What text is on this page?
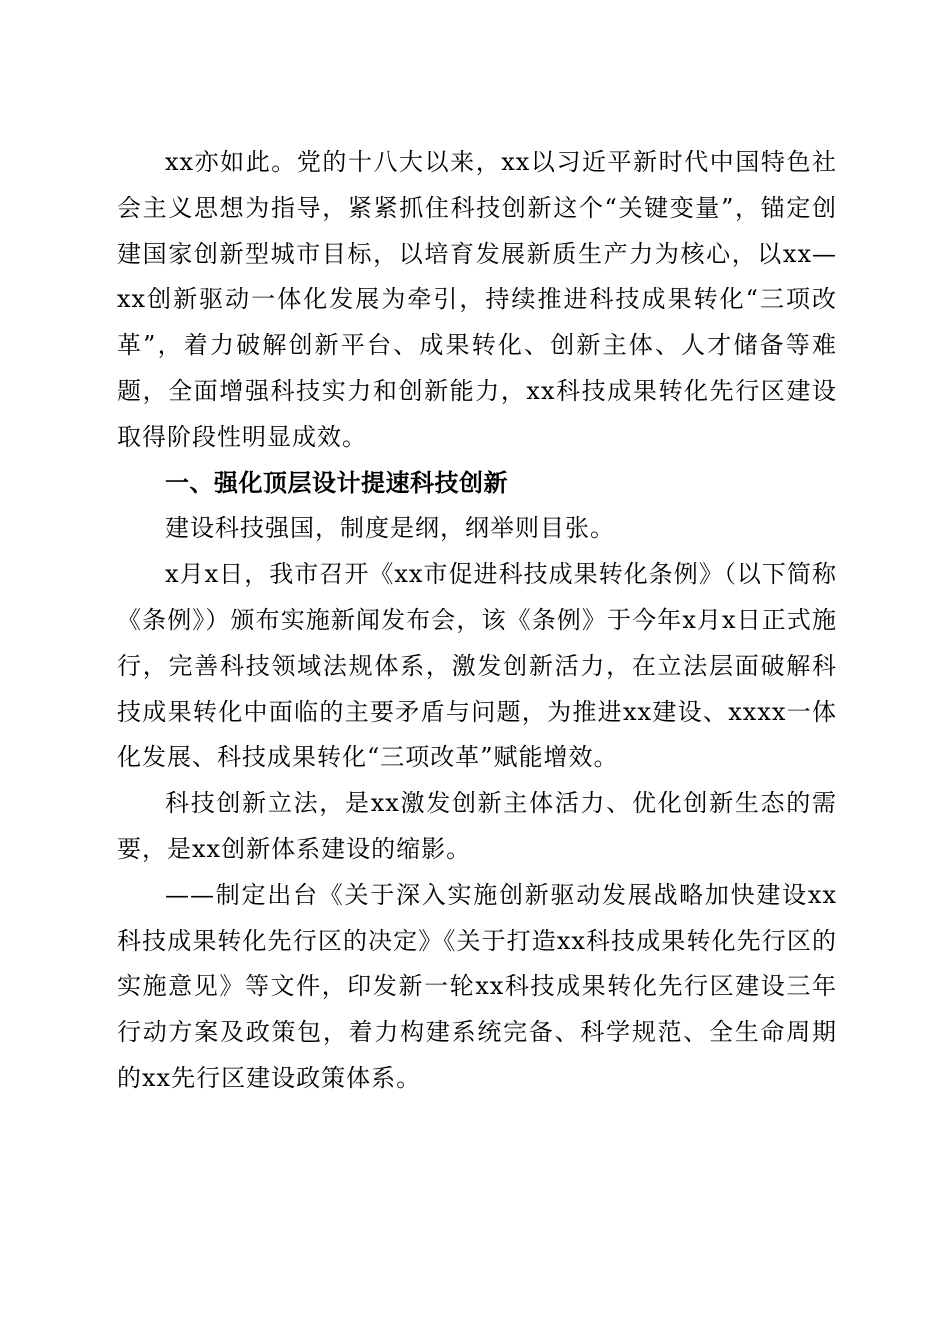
xx亦如此。党的十八大以来，xx以习近平新时代中国特色社会主义思想为指导，紧紧抓住科技创新这个“关键变量”，锚定创建国家创新型城市目标，以培育发展新质生产力为核心，以xx—xx创新驱动一体化发展为牵引，持续推进科技成果转化“三项改革”，着力破解创新平台、成果转化、创新主体、人才储备等难题，全面增强科技实力和创新能力，xx科技成果转化先行区建设取得阶段性明显成效。

一、强化顶层设计提速科技创新

建设科技强国，制度是纲，纲举则目张。

x月x日，我市召开《xx市促进科技成果转化条例》（以下简称《条例》）颁布实施新闻发布会，该《条例》于今年x月x日正式施行，完善科技领域法规体系，激发创新活力，在立法层面破解科技成果转化中面临的主要矛盾与问题，为推进xx建设、xxxx一体化发展、科技成果转化“三项改革”赋能增效。

科技创新立法，是xx激发创新主体活力、优化创新生态的需要，是xx创新体系建设的缩影。

——制定出台《关于深入实施创新驱动发展战略加快建设xx科技成果转化先行区的决定》《关于打造xx科技成果转化先行区的实施意见》等文件，印发新一轮xx科技成果转化先行区建设三年行动方案及政策包，着力构建系统完备、科学规范、全生命周期的xx先行区建设政策体系。
